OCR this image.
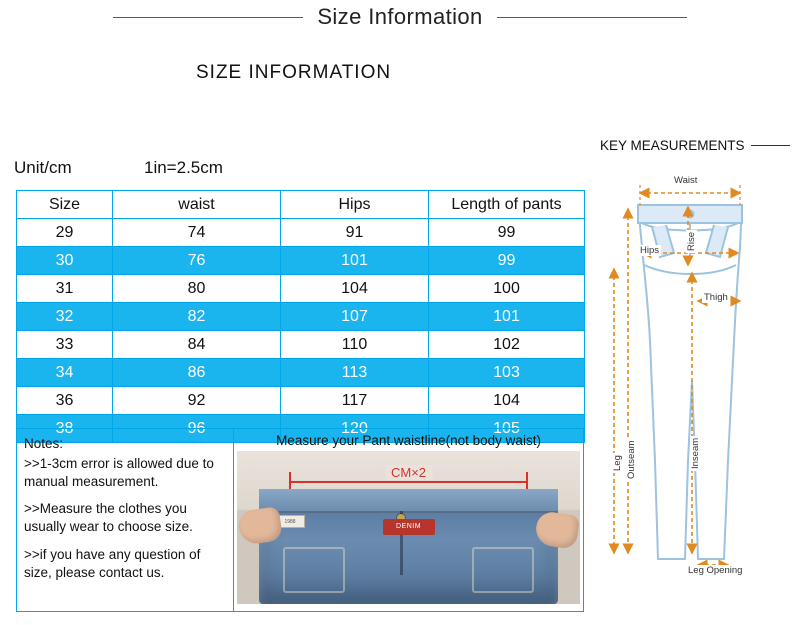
Size Information
SIZE INFORMATION
Unit/cm	1in=2.5cm
Size	waist	Hips	Length of pants
29	74	91	99
30	76	101	99
31	80	104	100
32	82	107	101
33	84	110	102
34	86	113	103
36	92	117	104
38	96	120	105
Notes:

>>1-3cm error is allowed due to manual measurement.

>>Measure the clothes you usually wear to choose size.

>>if you have any question of size, please contact us.

Measure your Pant waistline(not body waist)
CM×2
1988
DENIM
KEY MEASUREMENTS
Waist
Rise
Hips
Thigh
Inseam
Outseam
Leg
Leg Opening
